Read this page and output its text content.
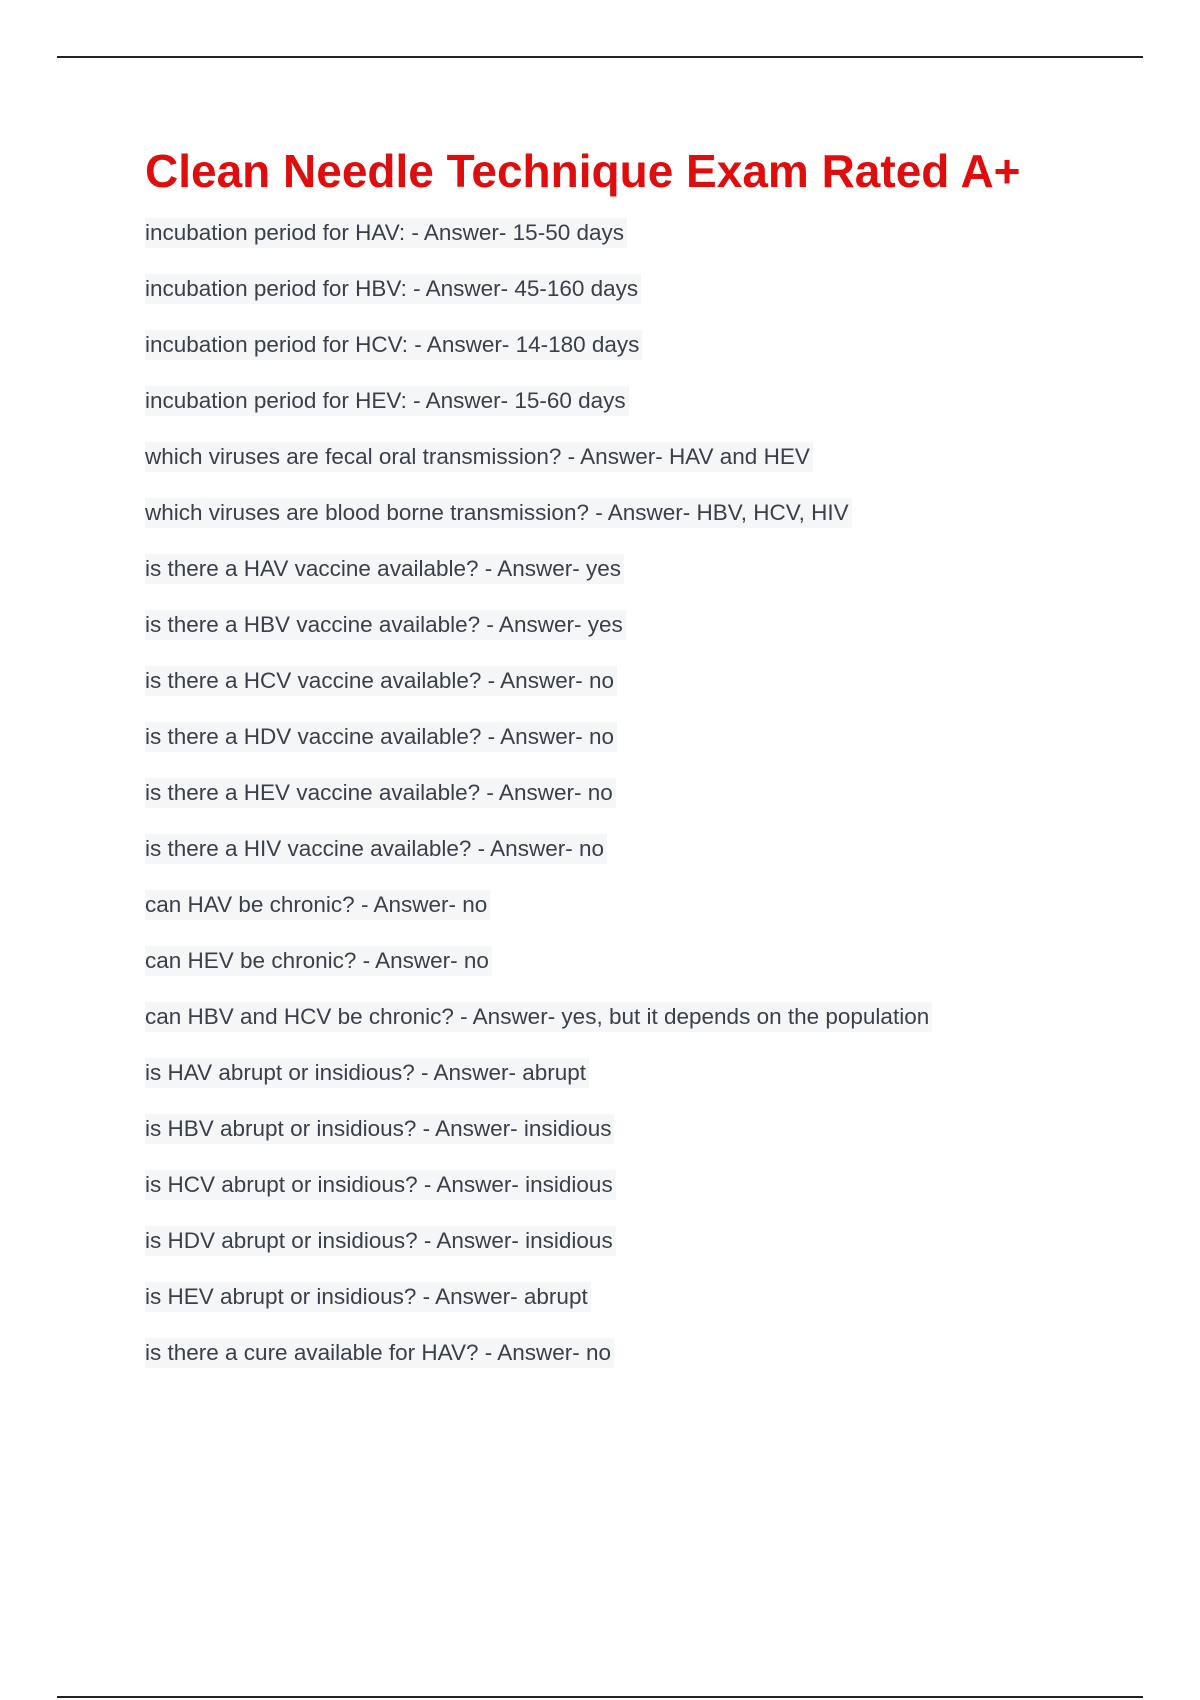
Clean Needle Technique Exam Rated A+
incubation period for HAV: - Answer- 15-50 days
incubation period for HBV: - Answer- 45-160 days
incubation period for HCV: - Answer- 14-180 days
incubation period for HEV: - Answer- 15-60 days
which viruses are fecal oral transmission? - Answer- HAV and HEV
which viruses are blood borne transmission? - Answer- HBV, HCV, HIV
is there a HAV vaccine available? - Answer- yes
is there a HBV vaccine available? - Answer- yes
is there a HCV vaccine available? - Answer- no
is there a HDV vaccine available? - Answer- no
is there a HEV vaccine available? - Answer- no
is there a HIV vaccine available? - Answer- no
can HAV be chronic? - Answer- no
can HEV be chronic? - Answer- no
can HBV and HCV be chronic? - Answer- yes, but it depends on the population
is HAV abrupt or insidious? - Answer- abrupt
is HBV abrupt or insidious? - Answer- insidious
is HCV abrupt or insidious? - Answer- insidious
is HDV abrupt or insidious? - Answer- insidious
is HEV abrupt or insidious? - Answer- abrupt
is there a cure available for HAV? - Answer- no
